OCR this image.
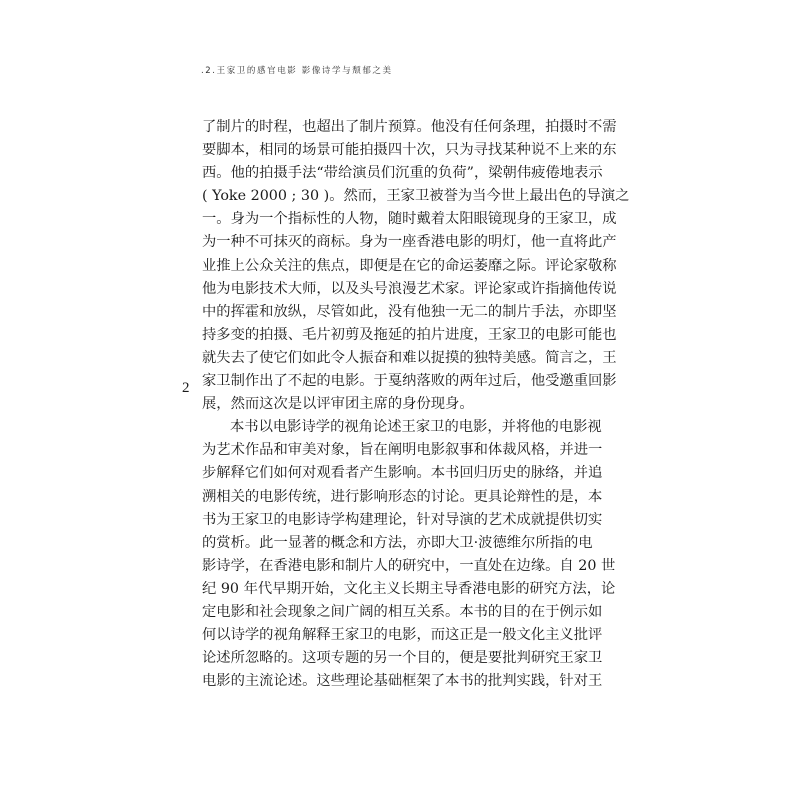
.2.王家卫的感官电影 影像诗学与颓郁之美
2
了制片的时程，也超出了制片预算。他没有任何条理，拍摄时不需
要脚本，相同的场景可能拍摄四十次，只为寻找某种说不上来的东
西。他的拍摄手法“带给演员们沉重的负荷”，梁朝伟疲倦地表示
( Yoke 2000 ; 30 )。然而，王家卫被誉为当今世上最出色的导演之
一。身为一个指标性的人物，随时戴着太阳眼镜现身的王家卫，成
为一种不可抹灭的商标。身为一座香港电影的明灯，他一直将此产
业推上公众关注的焦点，即便是在它的命运萎靡之际。评论家敬称
他为电影技术大师，以及头号浪漫艺术家。评论家或许指摘他传说
中的挥霍和放纵，尽管如此，没有他独一无二的制片手法，亦即坚
持多变的拍摄、毛片初剪及拖延的拍片进度，王家卫的电影可能也
就失去了使它们如此令人振奋和难以捉摸的独特美感。简言之，王
家卫制作出了不起的电影。于戛纳落败的两年过后，他受邀重回影
展，然而这次是以评审团主席的身份现身。
本书以电影诗学的视角论述王家卫的电影，并将他的电影视
为艺术作品和审美对象，旨在阐明电影叙事和体裁风格，并进一
步解释它们如何对观看者产生影响。本书回归历史的脉络，并追
溯相关的电影传统，进行影响形态的讨论。更具论辩性的是，本
书为王家卫的电影诗学构建理论，针对导演的艺术成就提供切实
的赏析。此一显著的概念和方法，亦即大卫·波德维尔所指的电
影诗学，在香港电影和制片人的研究中，一直处在边缘。自 20 世
纪 90 年代早期开始，文化主义长期主导香港电影的研究方法，论
定电影和社会现象之间广阔的相互关系。本书的目的在于例示如
何以诗学的视角解释王家卫的电影，而这正是一般文化主义批评
论述所忽略的。这项专题的另一个目的，便是要批判研究王家卫
电影的主流论述。这些理论基础框架了本书的批判实践，针对王
